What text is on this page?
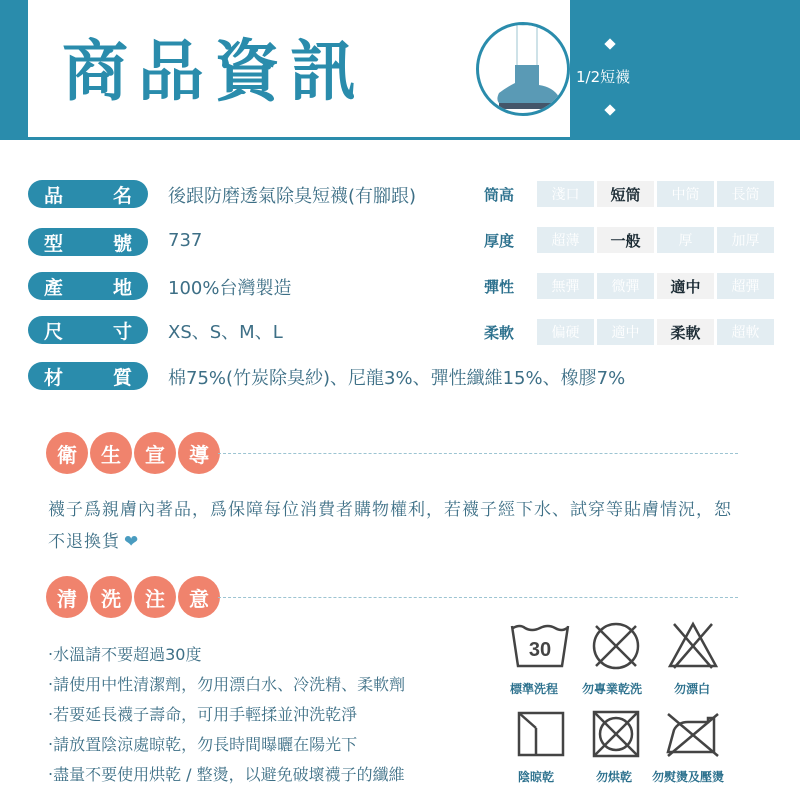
商品資訊	1/2短襪
品	名 後跟防磨透氣除臭短襪(有腳跟)
型	號 737
產	地 100%台灣製造
尺	寸 XS、S、M、L
材	質 棉75%(竹炭除臭紗)、尼龍3%、彈性纖維15%、橡膠7%
筒高	淺口	短筒	中筒	長筒
厚度	超薄	一般	厚	加厚
彈性	無彈	微彈	適中	超彈
柔軟	偏硬	適中	柔軟	超軟
衛	生	宣	導
襪子爲親膚內著品，爲保障每位消費者購物權利，若襪子經下水、試穿等貼膚情況，恕不退換貨 ❤
清	洗	注	意
‧水溫請不要超過30度
‧請使用中性清潔劑，勿用漂白水、冷洗精、柔軟劑
‧若要延長襪子壽命，可用手輕揉並沖洗乾淨
‧請放置陰涼處晾乾，勿長時間曝曬在陽光下
‧盡量不要使用烘乾 / 整燙，以避免破壞襪子的纖維
30
標準洗程 勿專業乾洗	勿漂白
陰晾乾	勿烘乾 勿熨燙及壓燙
